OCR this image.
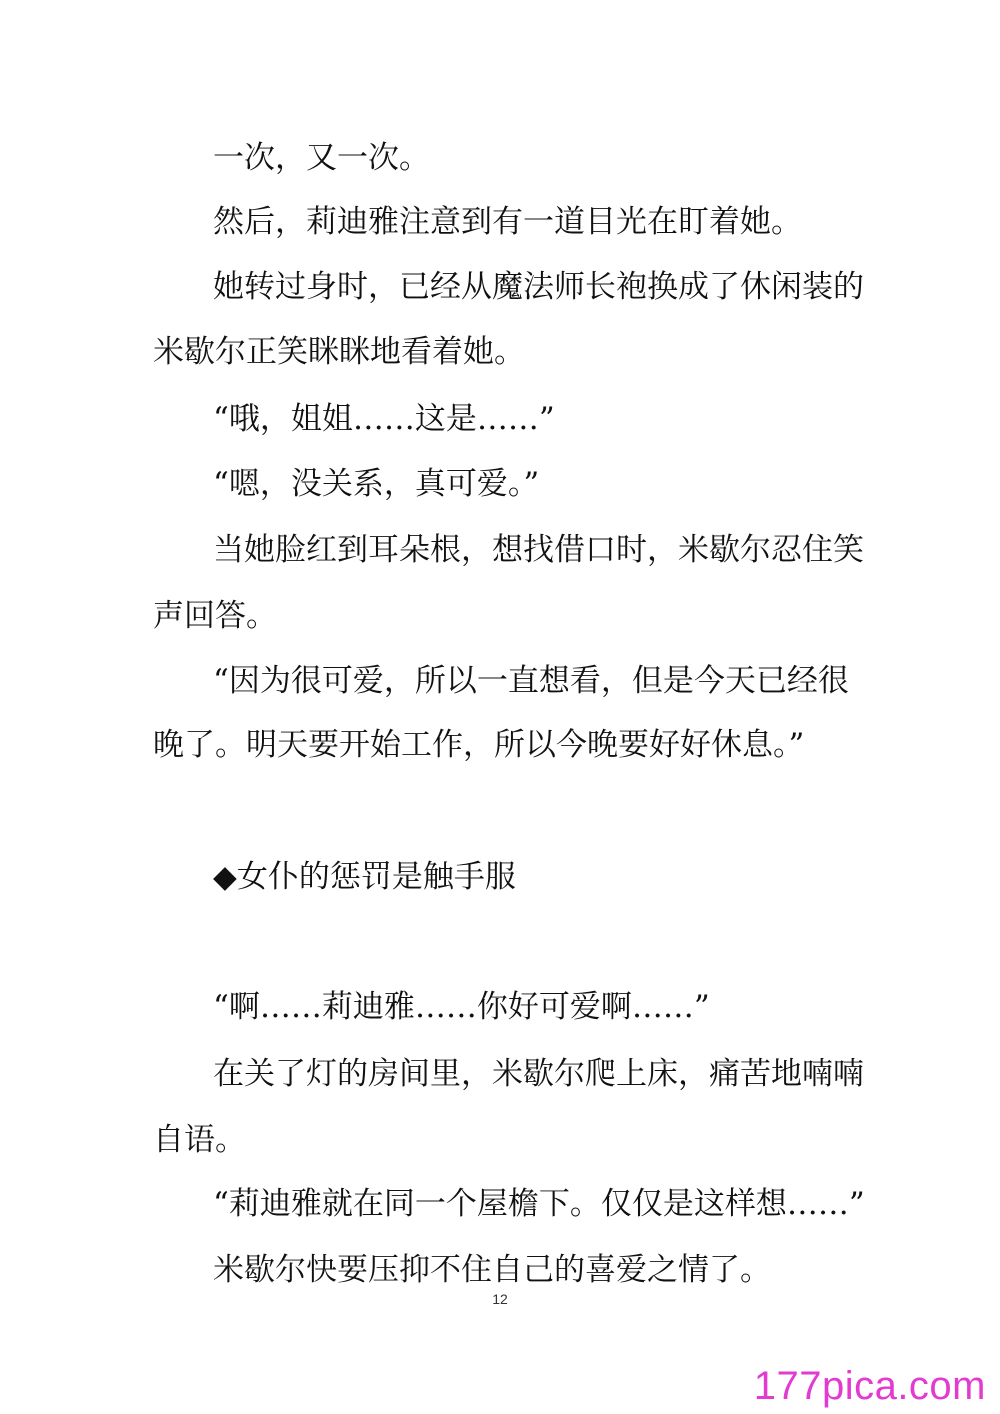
一次，又一次。
然后，莉迪雅注意到有一道目光在盯着她。
她转过身时，已经从魔法师长袍换成了休闲装的
米歇尔正笑眯眯地看着她。
“哦，姐姐……这是……”
“嗯，没关系，真可爱。”
当她脸红到耳朵根，想找借口时，米歇尔忍住笑
声回答。
“因为很可爱，所以一直想看，但是今天已经很
晚了。明天要开始工作，所以今晚要好好休息。”
◆女仆的惩罚是触手服
“啊……莉迪雅……你好可爱啊……”
在关了灯的房间里，米歇尔爬上床，痛苦地喃喃
自语。
“莉迪雅就在同一个屋檐下。仅仅是这样想……”
米歇尔快要压抑不住自己的喜爱之情了。
12
177pica.com
